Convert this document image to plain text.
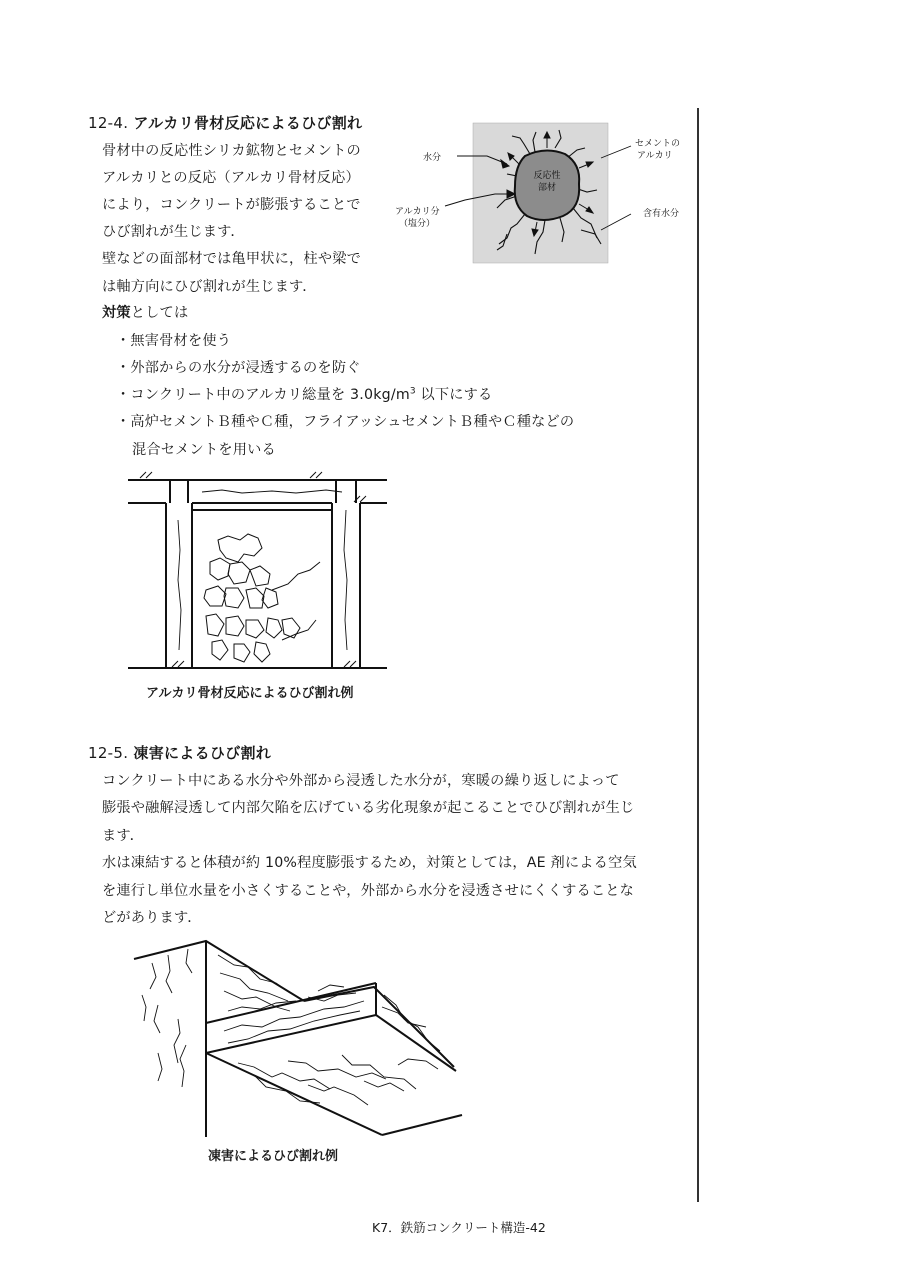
12-4. アルカリ骨材反応によるひび割れ
骨材中の反応性シリカ鉱物とセメントの
アルカリとの反応（アルカリ骨材反応）
により，コンクリートが膨張することで
ひび割れが生じます．
壁などの面部材では亀甲状に，柱や梁で
は軸方向にひび割れが生じます．
対策としては
・無害骨材を使う
・外部からの水分が浸透するのを防ぐ
・コンクリート中のアルカリ総量を $3.0kg/m^3$ 以下にする
・高炉セメントＢ種やＣ種，フライアッシュセメントＢ種やＣ種などの
混合セメントを用いる
反応性
部材
水分
アルカリ分
（塩分）
セメントの
アルカリ
含有水分
アルカリ骨材反応によるひび割れ例
12-5. 凍害によるひび割れ
コンクリート中にある水分や外部から浸透した水分が，寒暖の繰り返しによって
膨張や融解浸透して内部欠陥を広げている劣化現象が起こることでひび割れが生じ
ます．
水は凍結すると体積が約 10%程度膨張するため，対策としては，AE 剤による空気
を連行し単位水量を小さくすることや，外部から水分を浸透させにくくすることな
どがあります．
凍害によるひび割れ例
K7．鉄筋コンクリート構造-42
